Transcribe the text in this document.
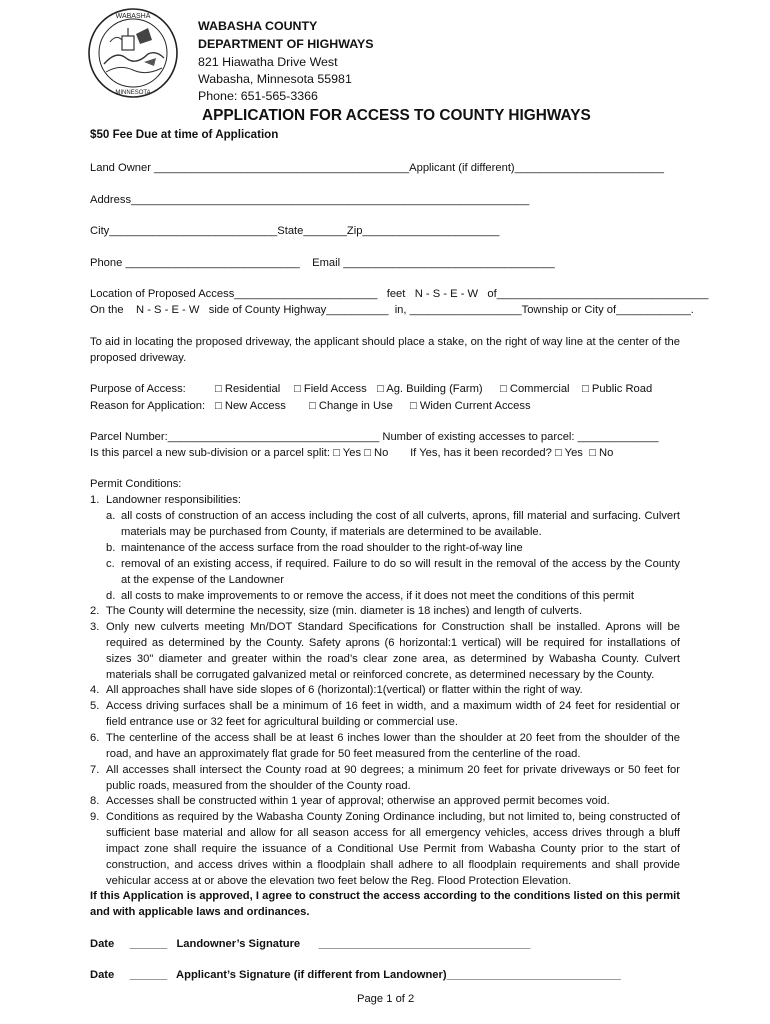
WABASHA
MINNESOTA
WABASHA COUNTY
DEPARTMENT OF HIGHWAYS
821 Hiawatha Drive West
Wabasha, Minnesota 55981
Phone: 651-565-3366
APPLICATION FOR ACCESS TO COUNTY HIGHWAYS
$50 Fee Due at time of Application
Land Owner _________________________________________Applicant (if different)________________________
Address________________________________________________________________
City___________________________State_______Zip______________________
Phone ____________________________    Email __________________________________
Location of Proposed Access_______________________   feet   N - S - E - W   of__________________________________
On the    N - S - E - W   side of County Highway__________  in, __________________Township or City of____________.
To aid in locating the proposed driveway, the applicant should place a stake, on the right of way line at the center of the proposed driveway.
Purpose of Access:	□ Residential □ Field Access □ Ag. Building (Farm) □ Commercial □ Public Road
Reason for Application: □ New Access □ Change in Use □ Widen Current Access
Parcel Number:__________________________________ Number of existing accesses to parcel: _____________
Is this parcel a new sub-division or a parcel split: □ Yes □ No       If Yes, has it been recorded? □ Yes  □ No
Permit Conditions:
1. Landowner responsibilities:
a. all costs of construction of an access including the cost of all culverts, aprons, fill material and surfacing. Culvert materials may be purchased from County, if materials are determined to be available.
b. maintenance of the access surface from the road shoulder to the right-of-way line
c. removal of an existing access, if required. Failure to do so will result in the removal of the access by the County at the expense of the Landowner
d. all costs to make improvements to or remove the access, if it does not meet the conditions of this permit
2. The County will determine the necessity, size (min. diameter is 18 inches) and length of culverts.
3. Only new culverts meeting Mn/DOT Standard Specifications for Construction shall be installed. Aprons will be required as determined by the County. Safety aprons (6 horizontal:1 vertical) will be required for installations of sizes 30" diameter and greater within the road’s clear zone area, as determined by Wabasha County. Culvert materials shall be corrugated galvanized metal or reinforced concrete, as determined necessary by the County.
4. All approaches shall have side slopes of 6 (horizontal):1(vertical) or flatter within the right of way.
5. Access driving surfaces shall be a minimum of 16 feet in width, and a maximum width of 24 feet for residential or field entrance use or 32 feet for agricultural building or commercial use.
6. The centerline of the access shall be at least 6 inches lower than the shoulder at 20 feet from the shoulder of the road, and have an approximately flat grade for 50 feet measured from the centerline of the road.
7. All accesses shall intersect the County road at 90 degrees; a minimum 20 feet for private driveways or 50 feet for public roads, measured from the shoulder of the County road.
8. Accesses shall be constructed within 1 year of approval; otherwise an approved permit becomes void.
9. Conditions as required by the Wabasha County Zoning Ordinance including, but not limited to, being constructed of sufficient base material and allow for all season access for all emergency vehicles, access drives through a bluff impact zone shall require the issuance of a Conditional Use Permit from Wabasha County prior to the start of construction, and access drives within a floodplain shall adhere to all floodplain requirements and shall provide vehicular access at or above the elevation two feet below the Reg. Flood Protection Elevation.
If this Application is approved, I agree to construct the access according to the conditions listed on this permit and with applicable laws and ordinances.
Date     ______   Landowner’s Signature      __________________________________
Date     ______   Applicant’s Signature (if different from Landowner)____________________________
Page 1 of 2
